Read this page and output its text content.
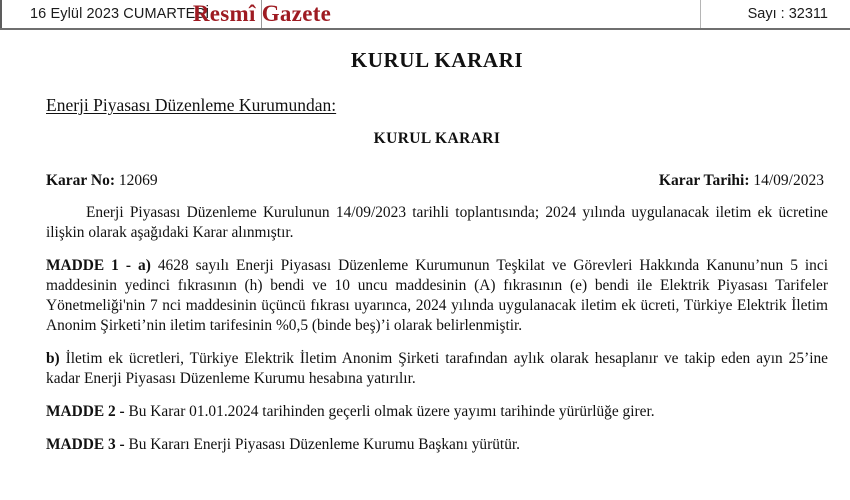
16 Eylül 2023 CUMARTESİ
Resmî Gazete	Sayı : 32311
KURUL KARARI
Enerji Piyasası Düzenleme Kurumundan:
KURUL KARARI
Karar No: 12069	Karar Tarihi: 14/09/2023

Enerji Piyasası Düzenleme Kurulunun 14/09/2023 tarihli toplantısında; 2024 yılında uygulanacak iletim ek ücretine ilişkin olarak aşağıdaki Karar alınmıştır.

MADDE 1 - a) 4628 sayılı Enerji Piyasası Düzenleme Kurumunun Teşkilat ve Görevleri Hakkında Kanunu’nun 5 inci maddesinin yedinci fıkrasının (h) bendi ve 10 uncu maddesinin (A) fıkrasının (e) bendi ile Elektrik Piyasası Tarifeler Yönetmeliği'nin 7 nci maddesinin üçüncü fıkrası uyarınca, 2024 yılında uygulanacak iletim ek ücreti, Türkiye Elektrik İletim Anonim Şirketi’nin iletim tarifesinin %0,5 (binde beş)’i olarak belirlenmiştir.

b) İletim ek ücretleri, Türkiye Elektrik İletim Anonim Şirketi tarafından aylık olarak hesaplanır ve takip eden ayın 25’ine kadar Enerji Piyasası Düzenleme Kurumu hesabına yatırılır.

MADDE 2 - Bu Karar 01.01.2024 tarihinden geçerli olmak üzere yayımı tarihinde yürürlüğe girer.

MADDE 3 - Bu Kararı Enerji Piyasası Düzenleme Kurumu Başkanı yürütür.
